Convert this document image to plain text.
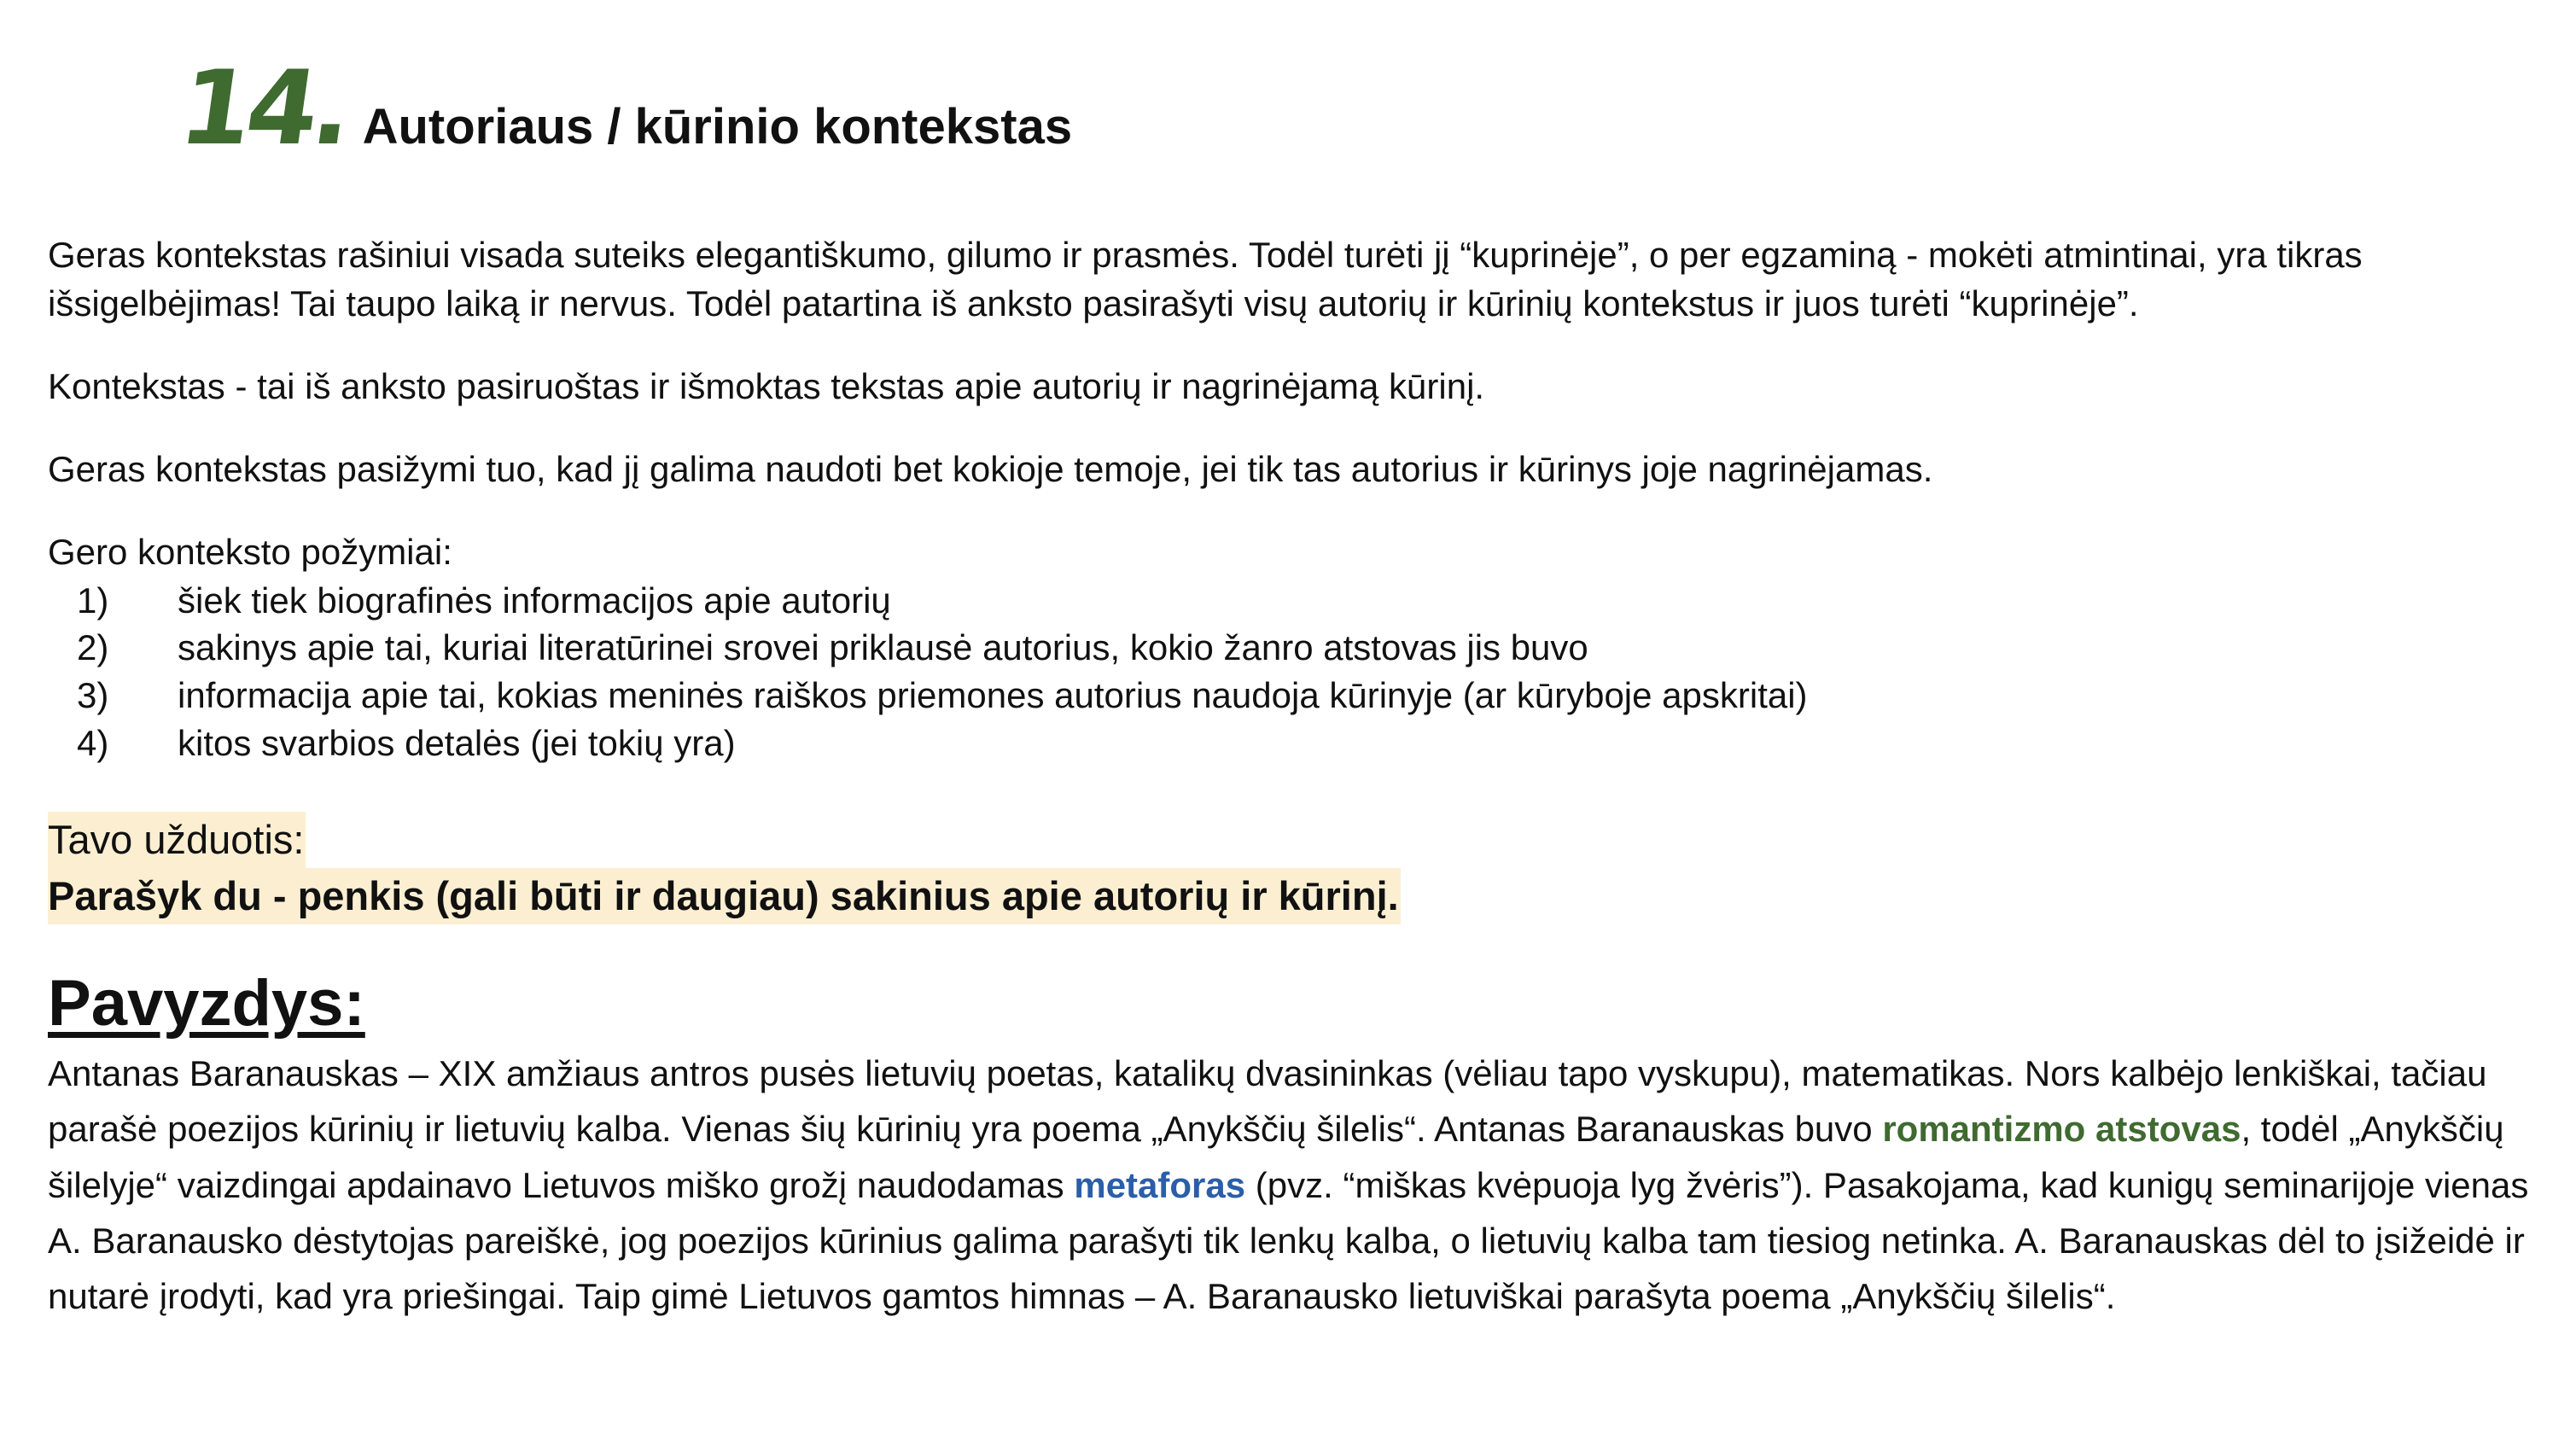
14. Autoriaus / kūrinio kontekstas

Geras kontekstas rašiniui visada suteiks elegantiškumo, gilumo ir prasmės. Todėl turėti jį “kuprinėje”, o per egzaminą - mokėti atmintinai, yra tikras išsigelbėjimas! Tai taupo laiką ir nervus. Todėl patartina iš anksto pasirašyti visų autorių ir kūrinių kontekstus ir juos turėti “kuprinėje”.

Kontekstas - tai iš anksto pasiruoštas ir išmoktas tekstas apie autorių ir nagrinėjamą kūrinį.

Geras kontekstas pasižymi tuo, kad jį galima naudoti bet kokioje temoje, jei tik tas autorius ir kūrinys joje nagrinėjamas.

Gero konteksto požymiai:

1)	šiek tiek biografinės informacijos apie autorių
2)	sakinys apie tai, kuriai literatūrinei srovei priklausė autorius, kokio žanro atstovas jis buvo
3)	informacija apie tai, kokias meninės raiškos priemones autorius naudoja kūrinyje (ar kūryboje apskritai)
4)	kitos svarbios detalės (jei tokių yra)
Tavo užduotis:
Parašyk du - penkis (gali būti ir daugiau) sakinius apie autorių ir kūrinį.
Pavyzdys:

Antanas Baranauskas – XIX amžiaus antros pusės lietuvių poetas, katalikų dvasininkas (vėliau tapo vyskupu), matematikas. Nors kalbėjo lenkiškai, tačiau parašė poezijos kūrinių ir lietuvių kalba. Vienas šių kūrinių yra poema „Anykščių šilelis“. Antanas Baranauskas buvo romantizmo atstovas, todėl „Anykščių šilelyje“ vaizdingai apdainavo Lietuvos miško grožį naudodamas metaforas (pvz. “miškas kvėpuoja lyg žvėris”). Pasakojama, kad kunigų seminarijoje vienas A. Baranausko dėstytojas pareiškė, jog poezijos kūrinius galima parašyti tik lenkų kalba, o lietuvių kalba tam tiesiog netinka. A. Baranauskas dėl to įsižeidė ir nutarė įrodyti, kad yra priešingai. Taip gimė Lietuvos gamtos himnas – A. Baranausko lietuviškai parašyta poema „Anykščių šilelis“.
